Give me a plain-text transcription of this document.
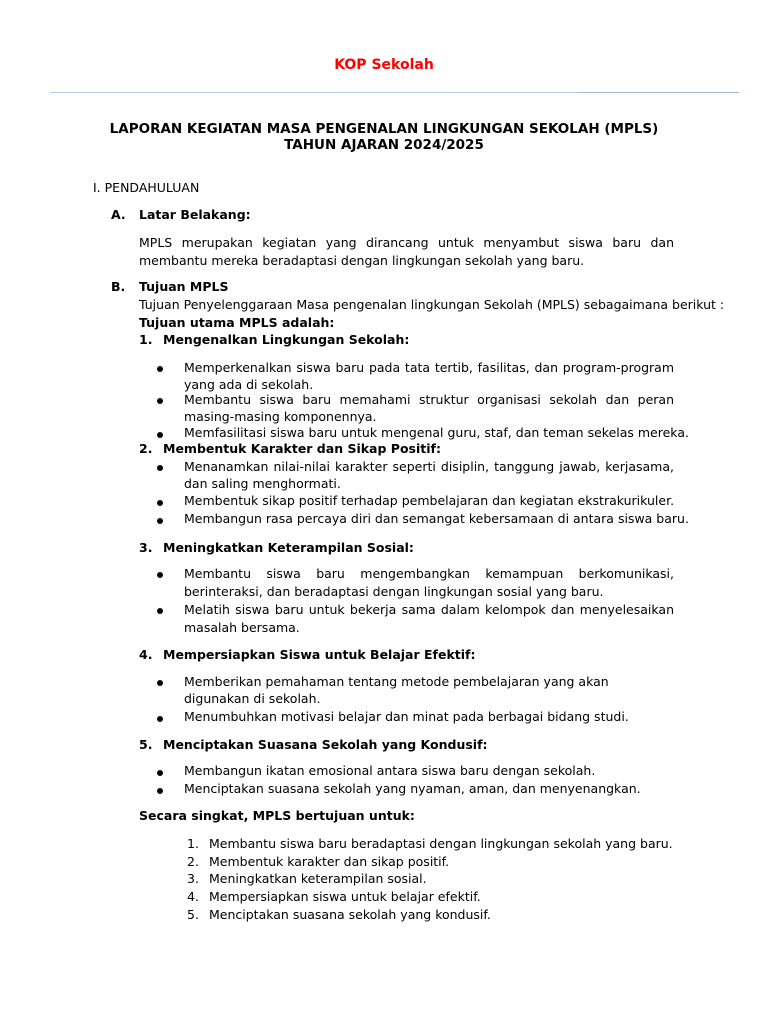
KOP Sekolah
LAPORAN KEGIATAN MASA PENGENALAN LINGKUNGAN SEKOLAH (MPLS)
TAHUN AJARAN 2024/2025
I. PENDAHULUAN
A. Latar Belakang:
MPLS merupakan kegiatan yang dirancang untuk menyambut siswa baru dan membantu mereka beradaptasi dengan lingkungan sekolah yang baru.
B. Tujuan MPLS
Tujuan Penyelenggaraan Masa pengenalan lingkungan Sekolah (MPLS) sebagaimana berikut :
Tujuan utama MPLS adalah:
1. Mengenalkan Lingkungan Sekolah:
Memperkenalkan siswa baru pada tata tertib, fasilitas, dan program-program yang ada di sekolah.
Membantu siswa baru memahami struktur organisasi sekolah dan peran masing-masing komponennya.
Memfasilitasi siswa baru untuk mengenal guru, staf, dan teman sekelas mereka.
2. Membentuk Karakter dan Sikap Positif:
Menanamkan nilai-nilai karakter seperti disiplin, tanggung jawab, kerjasama, dan saling menghormati.
Membentuk sikap positif terhadap pembelajaran dan kegiatan ekstrakurikuler.
Membangun rasa percaya diri dan semangat kebersamaan di antara siswa baru.
3. Meningkatkan Keterampilan Sosial:
Membantu siswa baru mengembangkan kemampuan berkomunikasi, berinteraksi, dan beradaptasi dengan lingkungan sosial yang baru.
Melatih siswa baru untuk bekerja sama dalam kelompok dan menyelesaikan masalah bersama.
4. Mempersiapkan Siswa untuk Belajar Efektif:
Memberikan pemahaman tentang metode pembelajaran yang akan digunakan di sekolah.
Menumbuhkan motivasi belajar dan minat pada berbagai bidang studi.
5. Menciptakan Suasana Sekolah yang Kondusif:
Membangun ikatan emosional antara siswa baru dengan sekolah.
Menciptakan suasana sekolah yang nyaman, aman, dan menyenangkan.
Secara singkat, MPLS bertujuan untuk:
1. Membantu siswa baru beradaptasi dengan lingkungan sekolah yang baru.
2. Membentuk karakter dan sikap positif.
3. Meningkatkan keterampilan sosial.
4. Mempersiapkan siswa untuk belajar efektif.
5. Menciptakan suasana sekolah yang kondusif.
